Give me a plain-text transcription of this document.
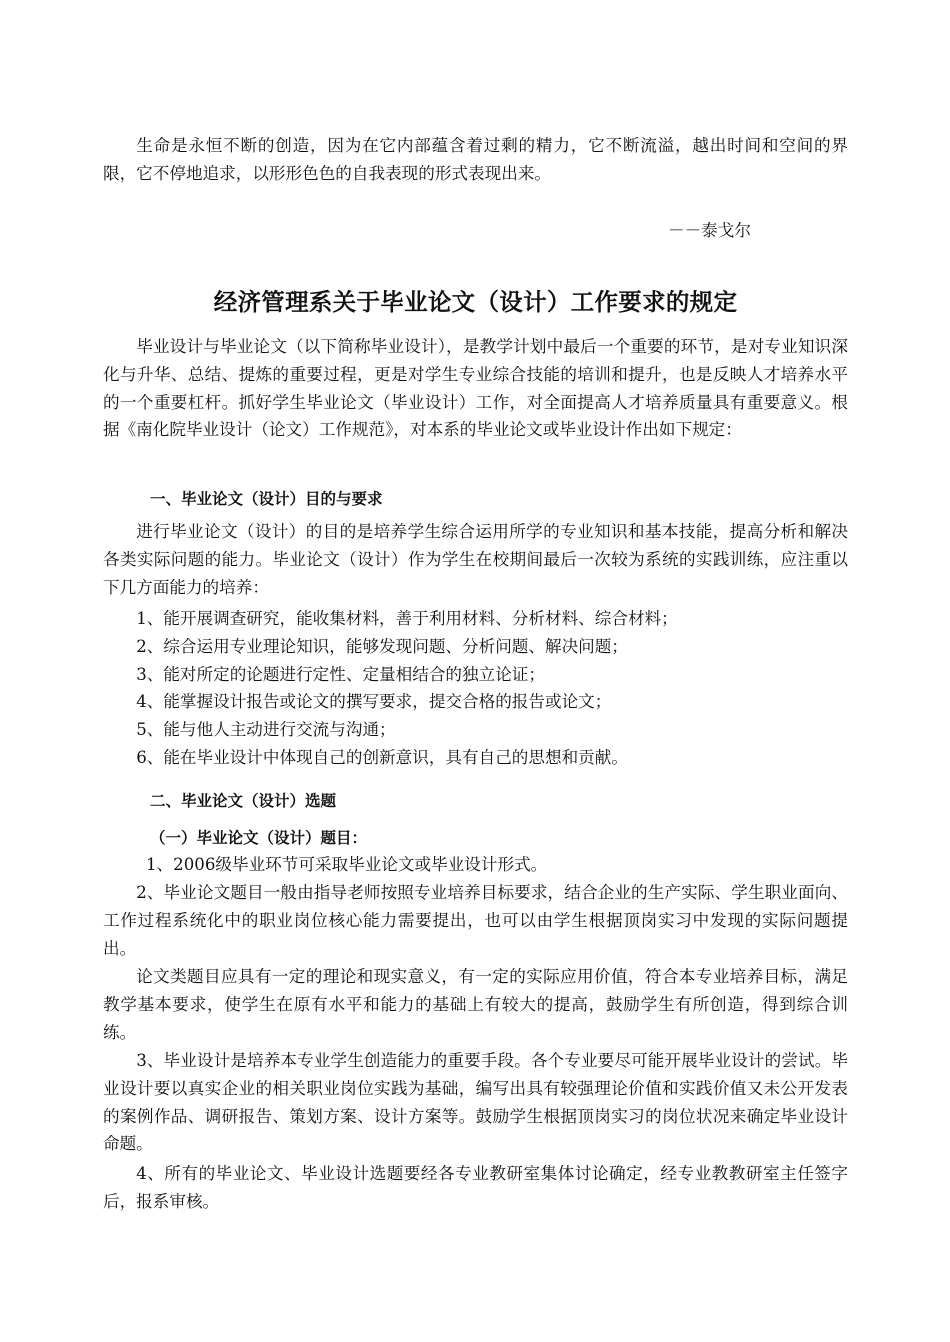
生命是永恒不断的创造，因为在它内部蕴含着过剩的精力，它不断流溢，越出时间和空间的界限，它不停地追求，以形形色色的自我表现的形式表现出来。

－－泰戈尔
经济管理系关于毕业论文（设计）工作要求的规定

毕业设计与毕业论文（以下简称毕业设计），是教学计划中最后一个重要的环节，是对专业知识深化与升华、总结、提炼的重要过程，更是对学生专业综合技能的培训和提升，也是反映人才培养水平的一个重要杠杆。抓好学生毕业论文（毕业设计）工作，对全面提高人才培养质量具有重要意义。根据《南化院毕业设计（论文）工作规范》，对本系的毕业论文或毕业设计作出如下规定：

一、毕业论文（设计）目的与要求

进行毕业论文（设计）的目的是培养学生综合运用所学的专业知识和基本技能，提高分析和解决各类实际问题的能力。毕业论文（设计）作为学生在校期间最后一次较为系统的实践训练，应注重以下几方面能力的培养：

1、能开展调查研究，能收集材料，善于利用材料、分析材料、综合材料；

2、综合运用专业理论知识，能够发现问题、分析问题、解决问题；

3、能对所定的论题进行定性、定量相结合的独立论证；

4、能掌握设计报告或论文的撰写要求，提交合格的报告或论文；

5、能与他人主动进行交流与沟通；

6、能在毕业设计中体现自己的创新意识，具有自己的思想和贡献。

二、毕业论文（设计）选题
（一）毕业论文（设计）题目：

1、2006级毕业环节可采取毕业论文或毕业设计形式。

2、毕业论文题目一般由指导老师按照专业培养目标要求，结合企业的生产实际、学生职业面向、工作过程系统化中的职业岗位核心能力需要提出，也可以由学生根据顶岗实习中发现的实际问题提出。

论文类题目应具有一定的理论和现实意义，有一定的实际应用价值，符合本专业培养目标，满足教学基本要求，使学生在原有水平和能力的基础上有较大的提高，鼓励学生有所创造，得到综合训练。

3、毕业设计是培养本专业学生创造能力的重要手段。各个专业要尽可能开展毕业设计的尝试。毕业设计要以真实企业的相关职业岗位实践为基础，编写出具有较强理论价值和实践价值又未公开发表的案例作品、调研报告、策划方案、设计方案等。鼓励学生根据顶岗实习的岗位状况来确定毕业设计命题。

4、所有的毕业论文、毕业设计选题要经各专业教研室集体讨论确定，经专业教教研室主任签字后，报系审核。
